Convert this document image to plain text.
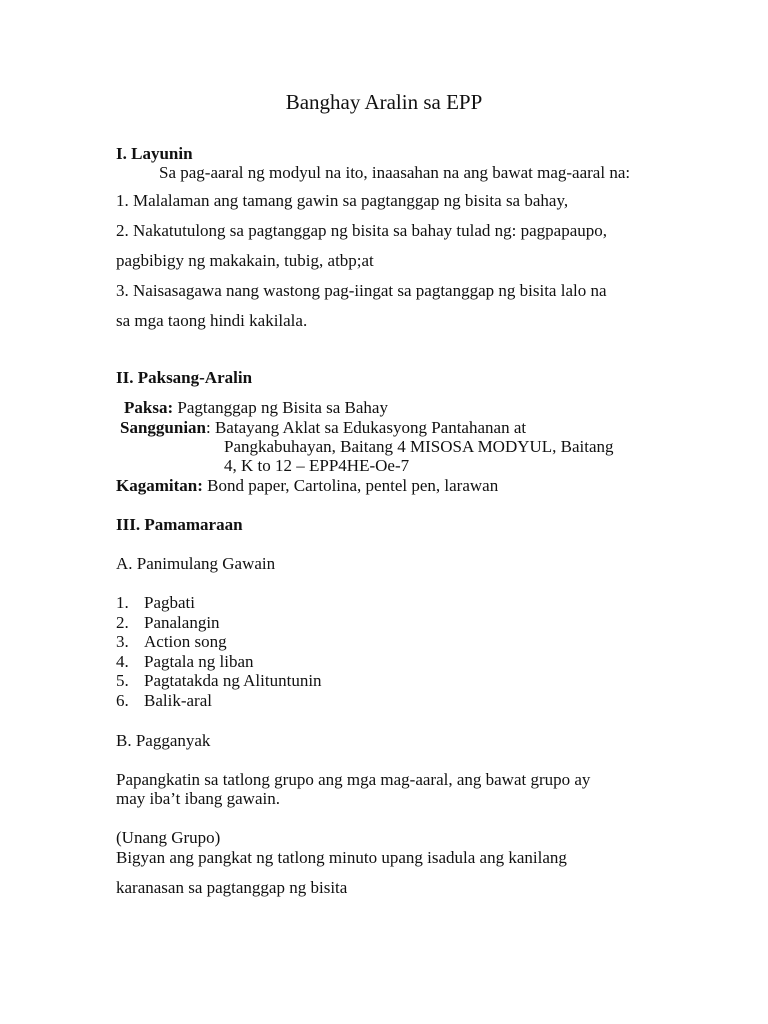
Banghay Aralin sa EPP
I. Layunin
Sa pag-aaral ng modyul na ito, inaasahan na ang bawat mag-aaral na:
1. Malalaman ang tamang gawin sa pagtanggap ng bisita sa bahay,
2. Nakatutulong sa pagtanggap ng bisita sa bahay tulad ng: pagpapaupo,
pagbibigy ng makakain, tubig, atbp;at
3. Naisasagawa nang wastong pag-iingat sa pagtanggap ng bisita lalo na
sa mga taong hindi kakilala.
II. Paksang-Aralin
Paksa: Pagtanggap ng Bisita sa Bahay
Sanggunian: Batayang Aklat sa Edukasyong Pantahanan at
Pangkabuhayan, Baitang 4 MISOSA MODYUL, Baitang
4, K to 12 – EPP4HE-Oe-7
Kagamitan: Bond paper, Cartolina, pentel pen, larawan
III. Pamamaraan
A. Panimulang Gawain
1. Pagbati
2. Panalangin
3. Action song
4. Pagtala ng liban
5. Pagtatakda ng Alituntunin
6. Balik-aral
B. Pagganyak
Papangkatin sa tatlong grupo ang mga mag-aaral, ang bawat grupo ay
may iba’t ibang gawain.
(Unang Grupo)
Bigyan ang pangkat ng tatlong minuto upang isadula ang kanilang
karanasan sa pagtanggap ng bisita
